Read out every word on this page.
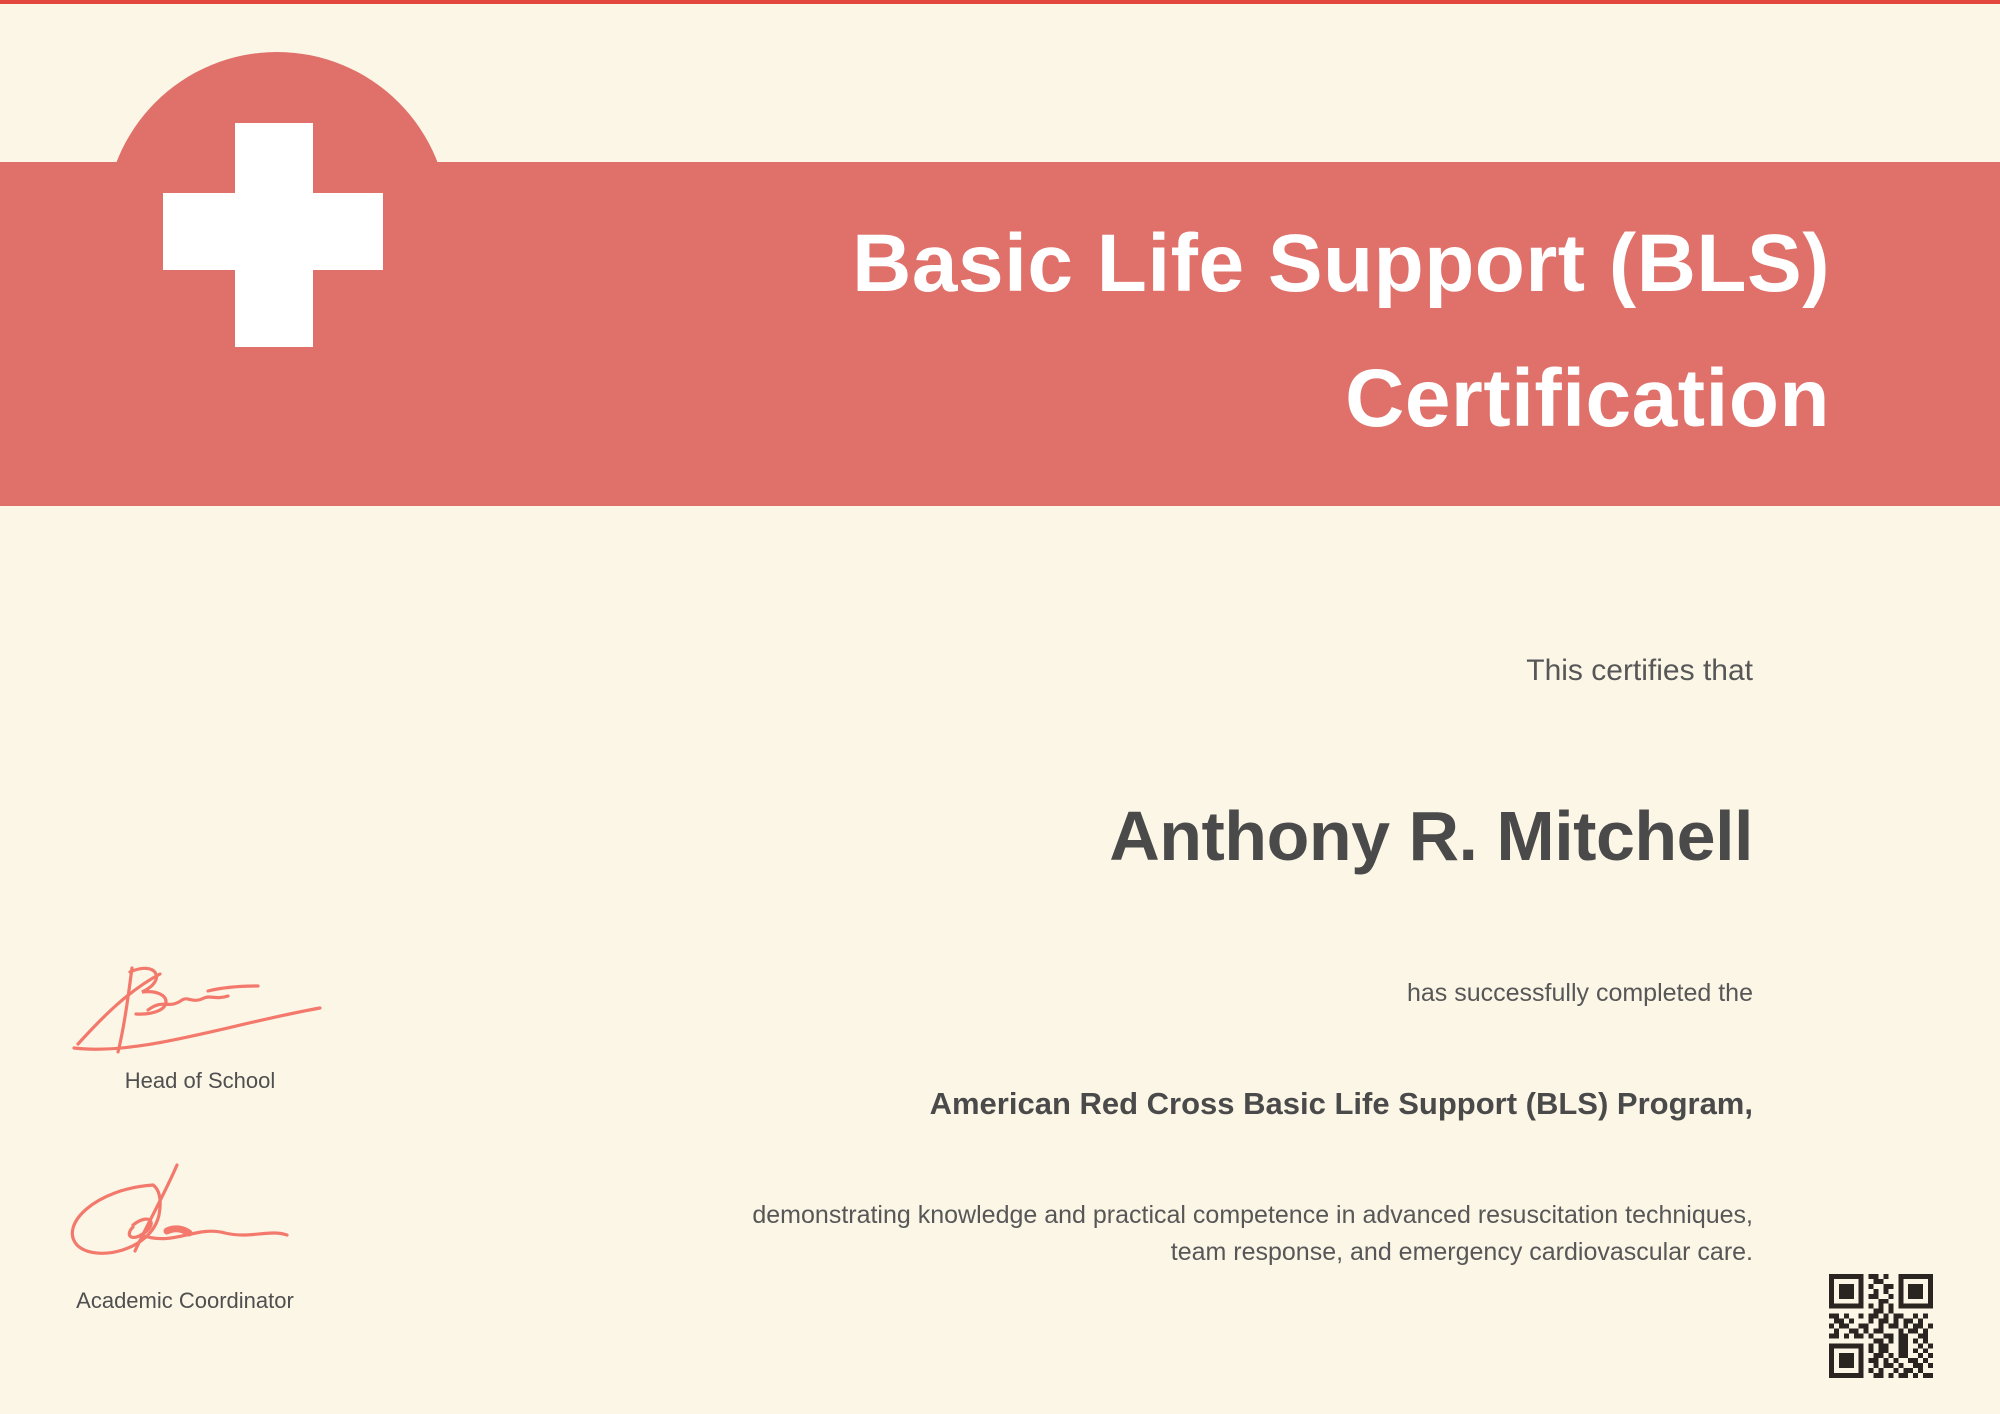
Basic Life Support (BLS)
Certification
This certifies that
Anthony R. Mitchell
has successfully completed the
American Red Cross Basic Life Support (BLS) Program,
demonstrating knowledge and practical competence in advanced resuscitation techniques,
team response, and emergency cardiovascular care.
Head of School
Academic Coordinator
